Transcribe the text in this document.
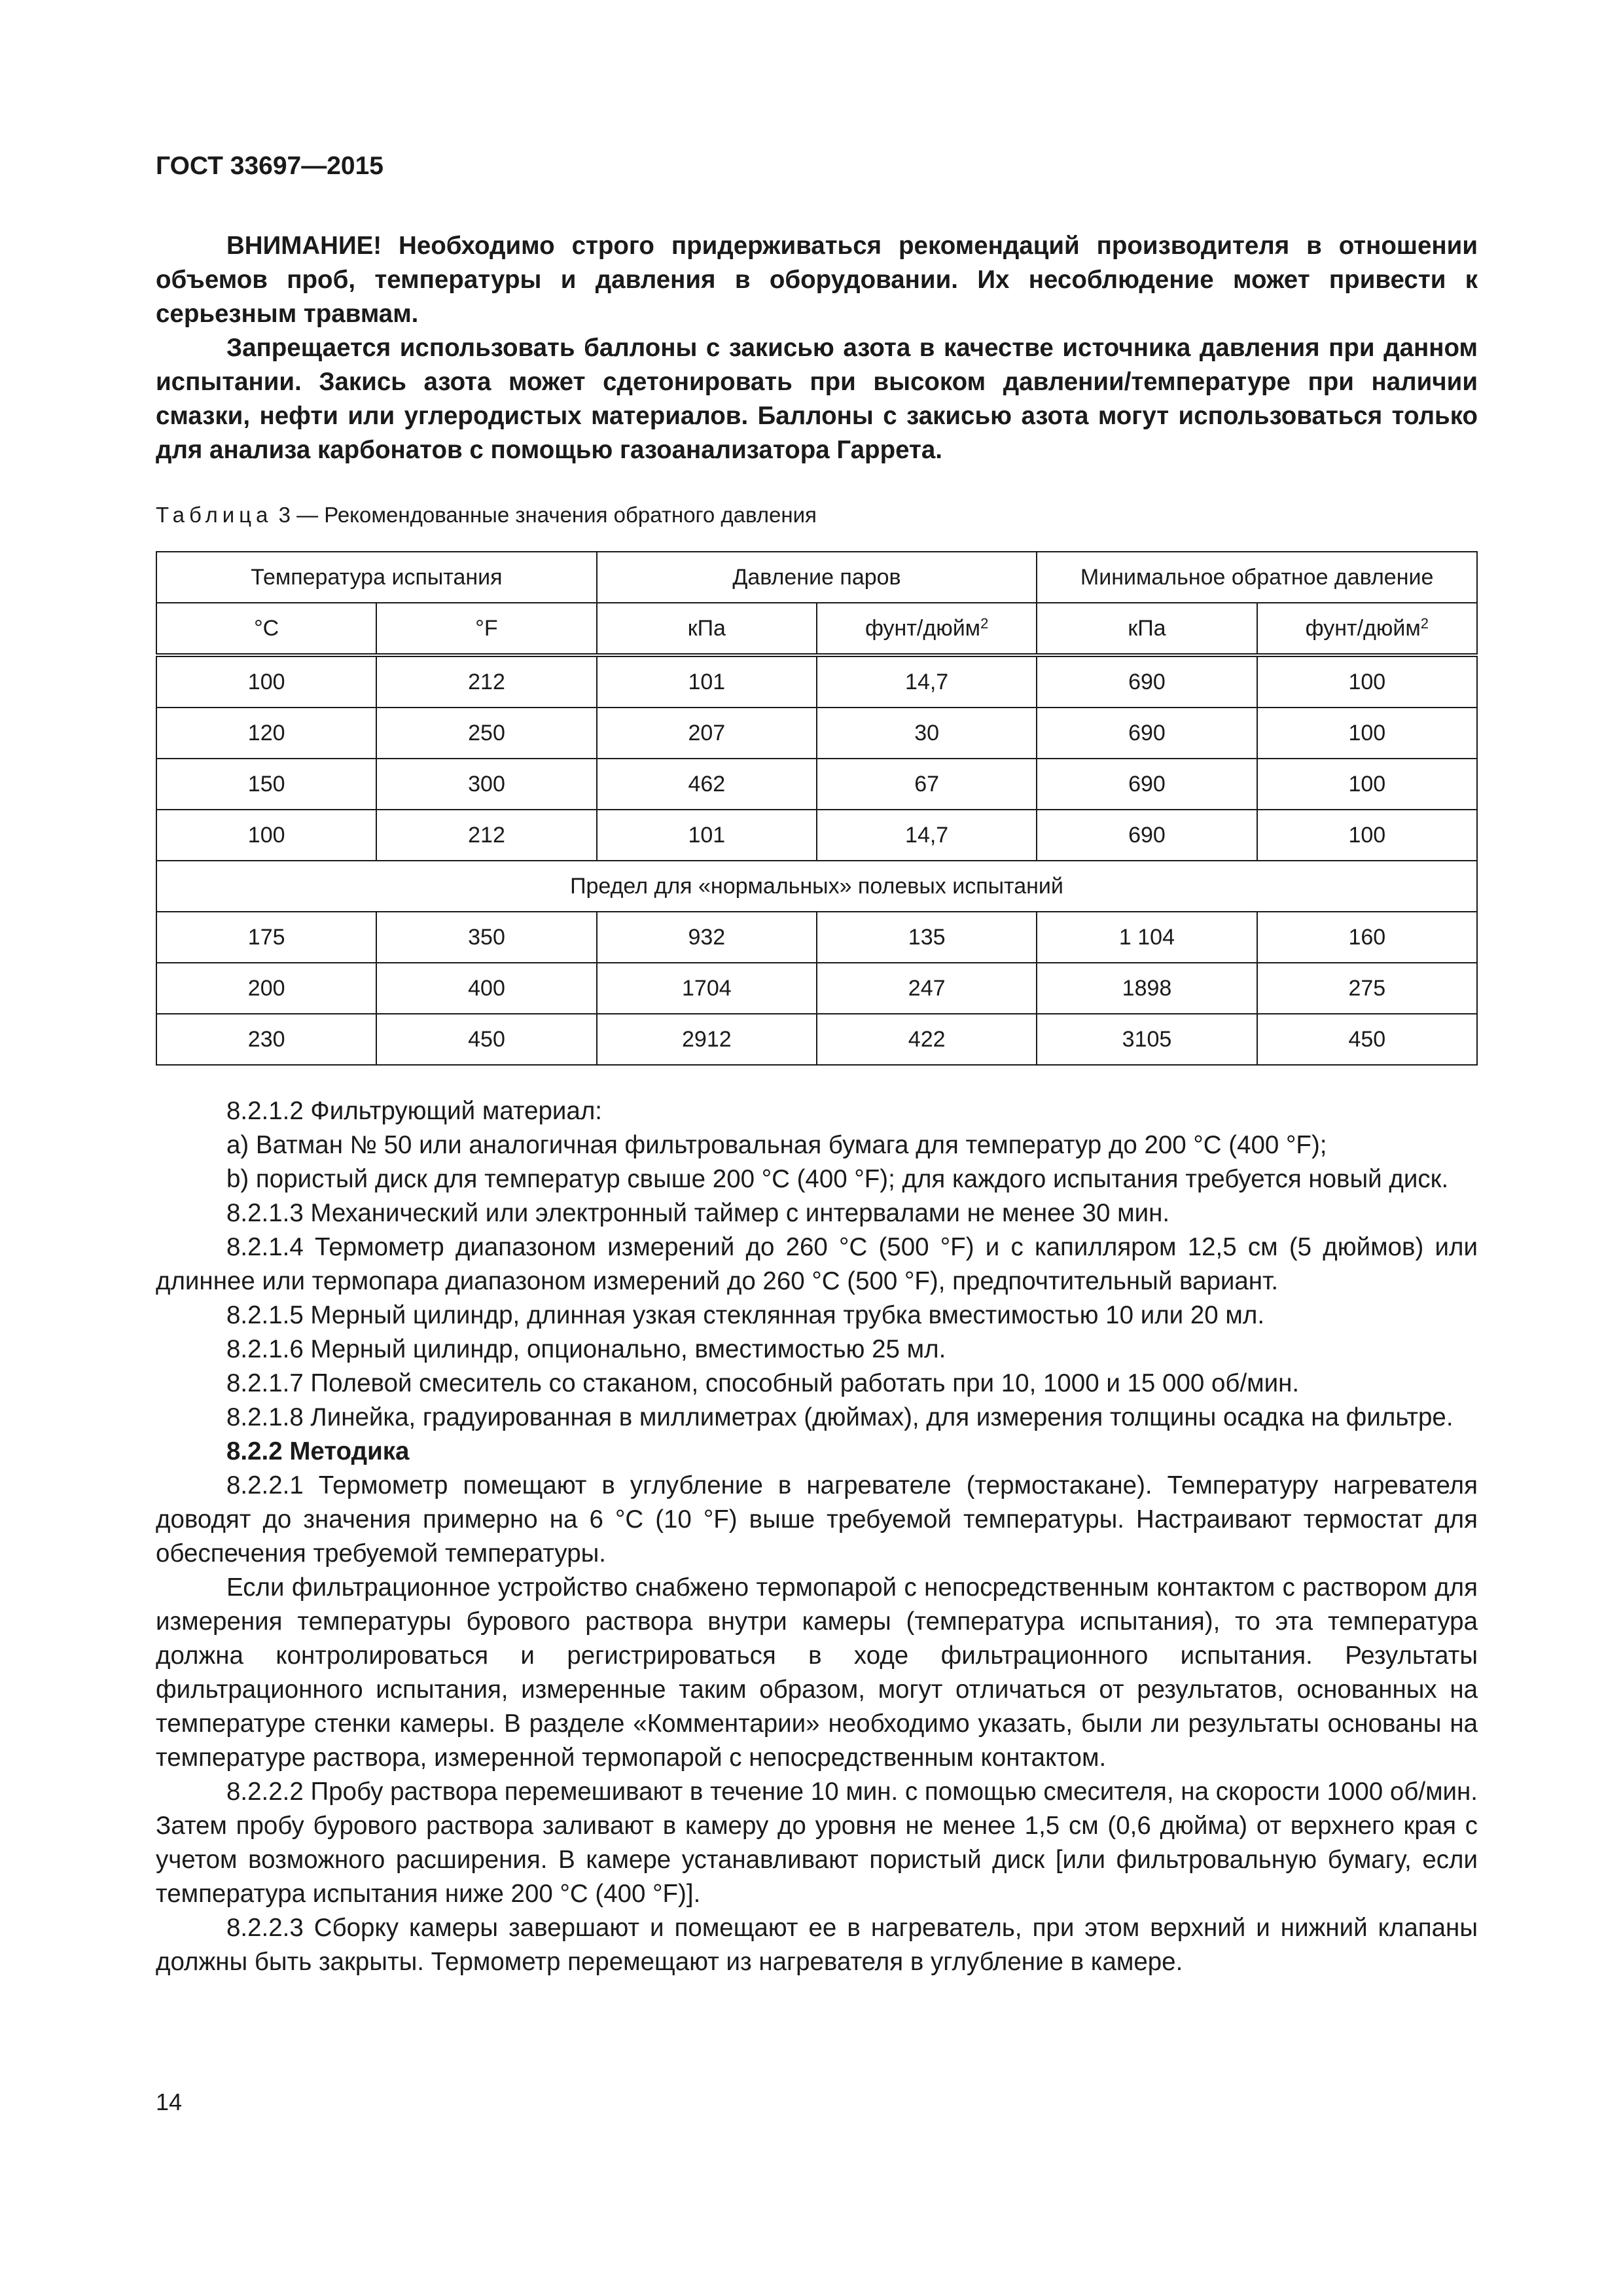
ГОСТ 33697—2015

ВНИМАНИЕ! Необходимо строго придерживаться рекомендаций производителя в отношении объемов проб, температуры и давления в оборудовании. Их несоблюдение может привести к серьезным травмам.

Запрещается использовать баллоны с закисью азота в качестве источника давления при данном испытании. Закись азота может сдетонировать при высоком давлении/температуре при наличии смазки, нефти или углеродистых материалов. Баллоны с закисью азота могут использоваться только для анализа карбонатов с помощью газоанализатора Гаррета.

Таблица 3 — Рекомендованные значения обратного давления
Температура испытания		Давление паров		Минимальное обратное давление	
°C	°F	кПа	фунт/дюйм$^2$	кПа	фунт/дюйм$^2$
100	212	101	14,7	690	100
120	250	207	30	690	100
150	300	462	67	690	100
100	212	101	14,7	690	100
Предел для «нормальных» полевых испытаний					
175	350	932	135	1 104	160
200	400	1704	247	1898	275
230	450	2912	422	3105	450

8.2.1.2 Фильтрующий материал:

a) Ватман № 50 или аналогичная фильтровальная бумага для температур до 200 °C (400 °F);

b) пористый диск для температур свыше 200 °C (400 °F); для каждого испытания требуется новый диск.

8.2.1.3 Механический или электронный таймер с интервалами не менее 30 мин.

8.2.1.4 Термометр диапазоном измерений до 260 °C (500 °F) и с капилляром 12,5 см (5 дюймов) или длиннее или термопара диапазоном измерений до 260 °C (500 °F), предпочтительный вариант.

8.2.1.5 Мерный цилиндр, длинная узкая стеклянная трубка вместимостью 10 или 20 мл.

8.2.1.6 Мерный цилиндр, опционально, вместимостью 25 мл.

8.2.1.7 Полевой смеситель со стаканом, способный работать при 10, 1000 и 15 000 об/мин.

8.2.1.8 Линейка, градуированная в миллиметрах (дюймах), для измерения толщины осадка на фильтре.

8.2.2 Методика

8.2.2.1 Термометр помещают в углубление в нагревателе (термостакане). Температуру нагревателя доводят до значения примерно на 6 °C (10 °F) выше требуемой температуры. Настраивают термостат для обеспечения требуемой температуры.

Если фильтрационное устройство снабжено термопарой с непосредственным контактом с раствором для измерения температуры бурового раствора внутри камеры (температура испытания), то эта температура должна контролироваться и регистрироваться в ходе фильтрационного испытания. Результаты фильтрационного испытания, измеренные таким образом, могут отличаться от результатов, основанных на температуре стенки камеры. В разделе «Комментарии» необходимо указать, были ли результаты основаны на температуре раствора, измеренной термопарой с непосредственным контактом.

8.2.2.2 Пробу раствора перемешивают в течение 10 мин. с помощью смесителя, на скорости 1000 об/мин. Затем пробу бурового раствора заливают в камеру до уровня не менее 1,5 см (0,6 дюйма) от верхнего края с учетом возможного расширения. В камере устанавливают пористый диск [или фильтровальную бумагу, если температура испытания ниже 200 °C (400 °F)].

8.2.2.3 Сборку камеры завершают и помещают ее в нагреватель, при этом верхний и нижний клапаны должны быть закрыты. Термометр перемещают из нагревателя в углубление в камере.

14
